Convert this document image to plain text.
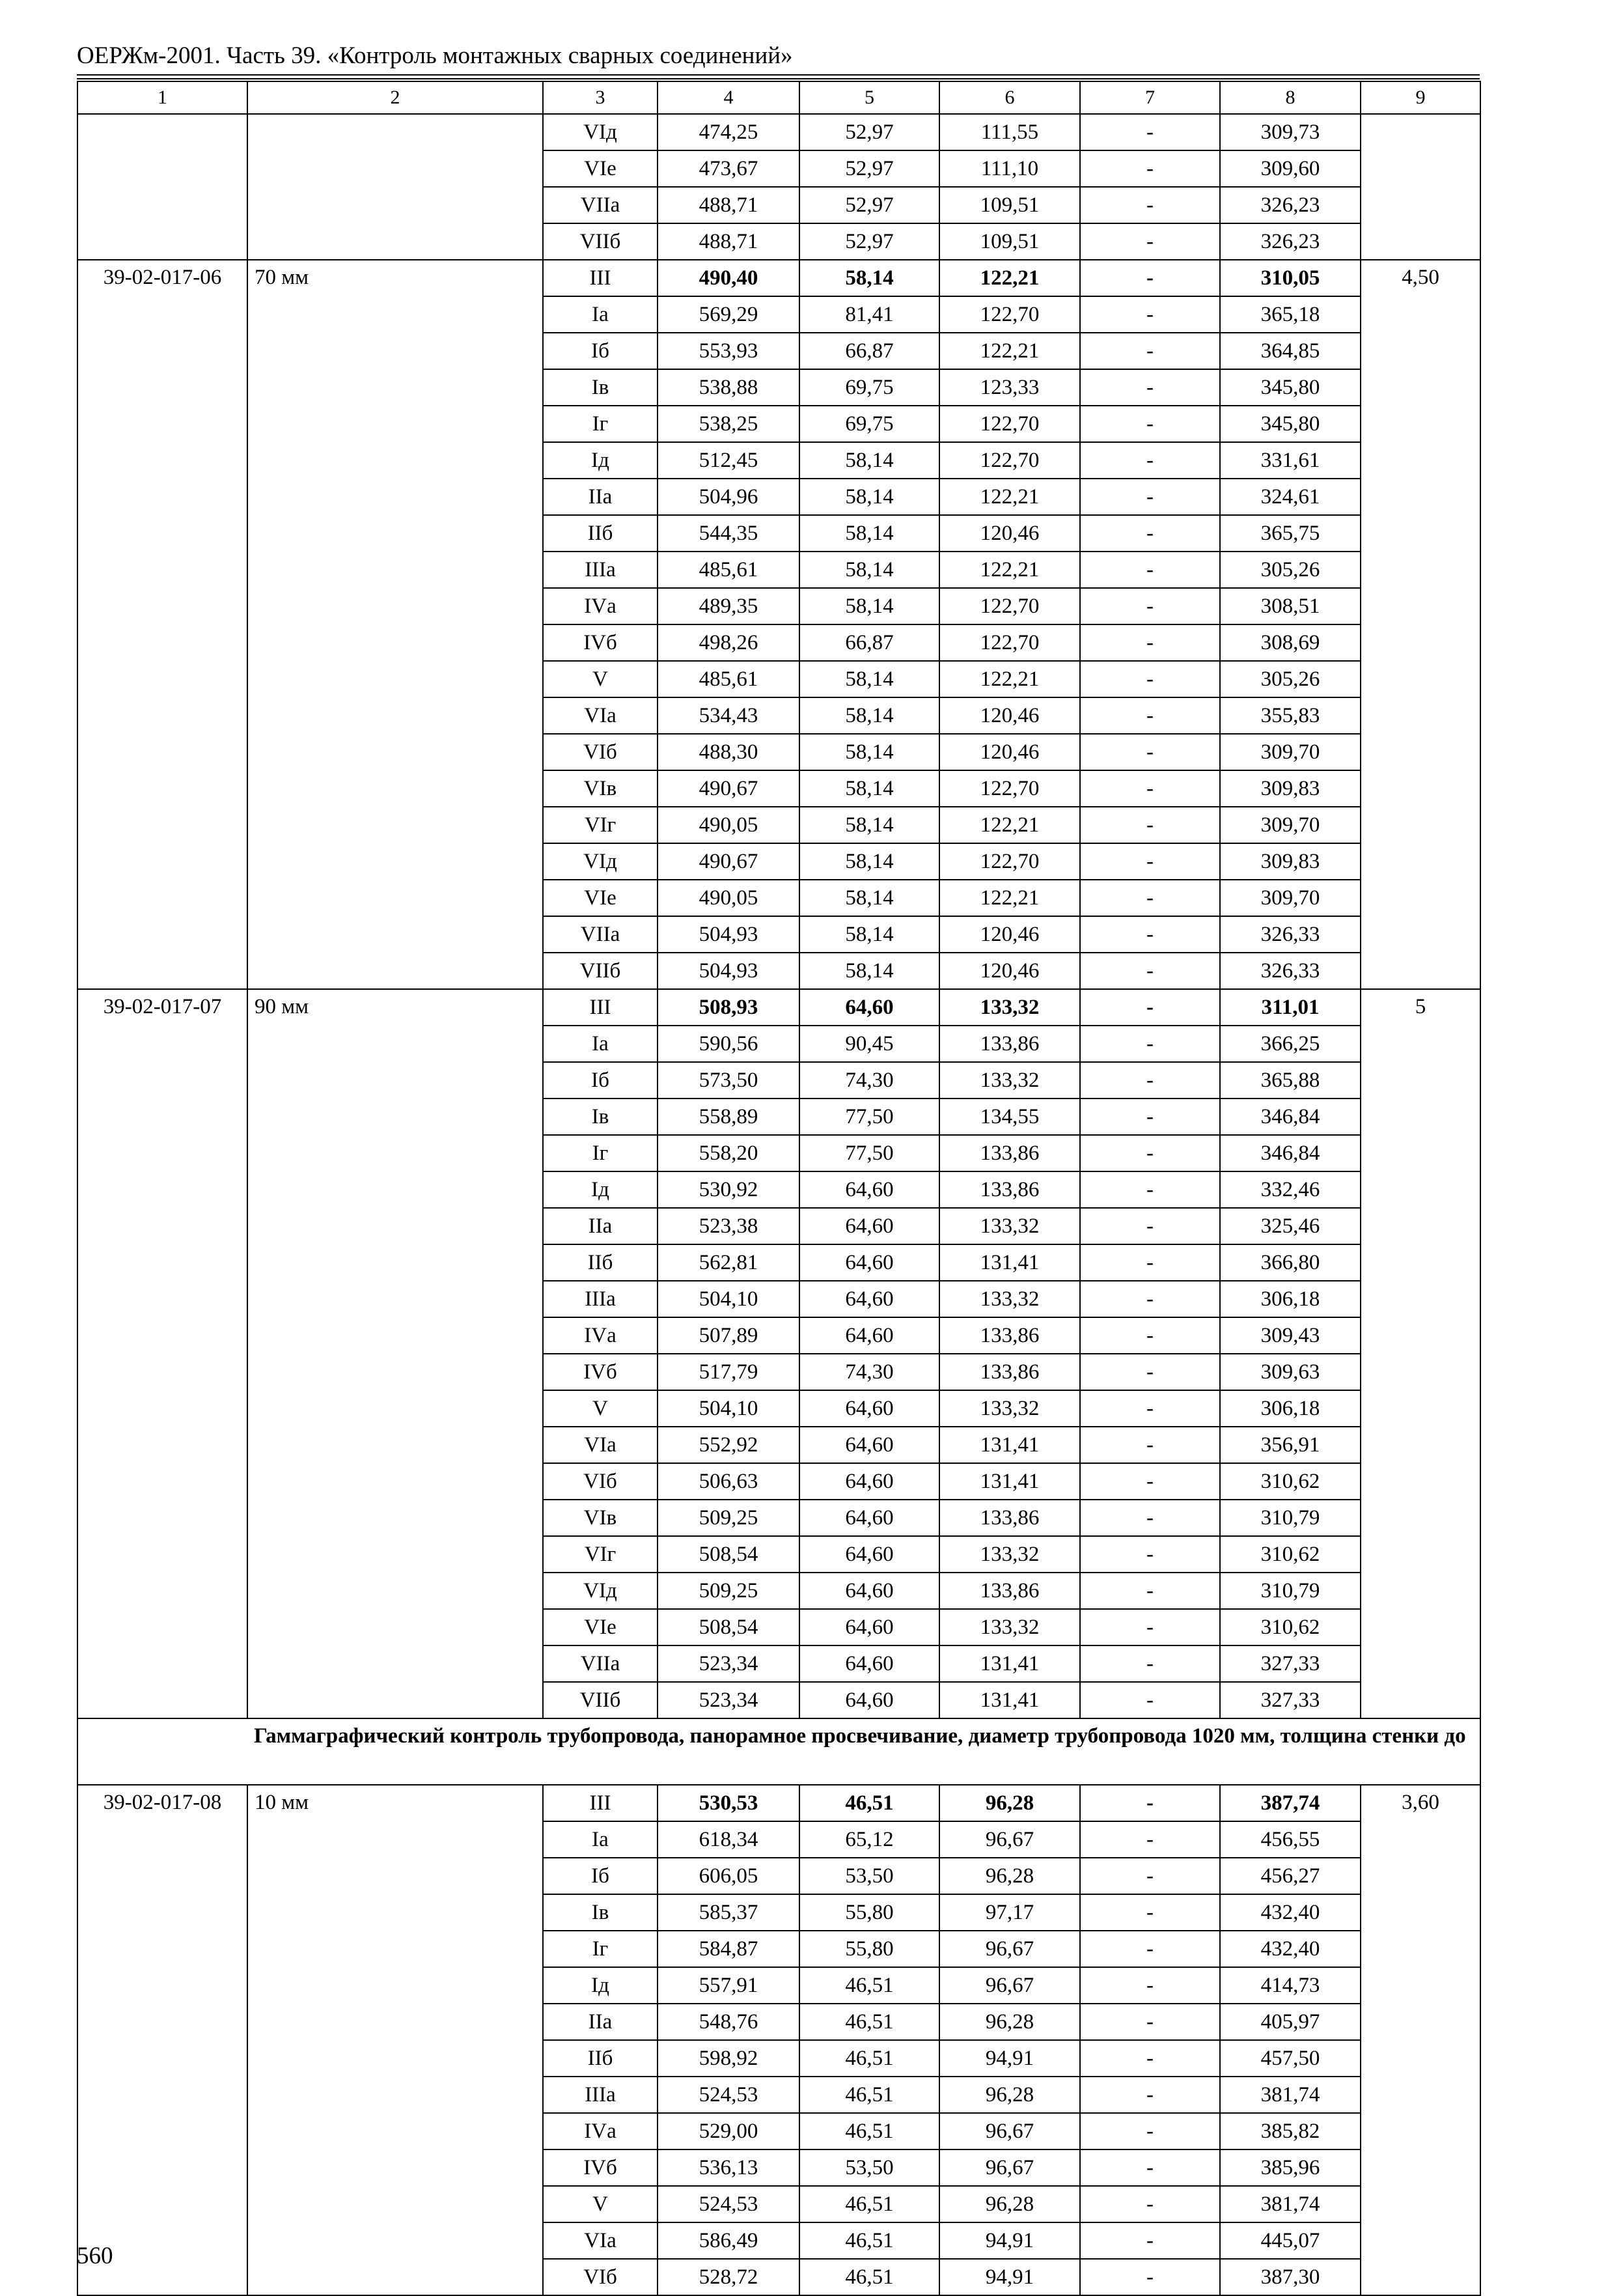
ОЕРЖм-2001. Часть 39. «Контроль монтажных сварных соединений»
1	2	3	4	5	6	7	8	9
		VIд	474,25	52,97	111,55	-	309,73	
		VIе	473,67	52,97	111,10	-	309,60	
		VIIа	488,71	52,97	109,51	-	326,23	
		VIIб	488,71	52,97	109,51	-	326,23	
39-02-017-06	70 мм	III	490,40	58,14	122,21	-	310,05	4,50
		Iа	569,29	81,41	122,70	-	365,18	
		Iб	553,93	66,87	122,21	-	364,85	
		Iв	538,88	69,75	123,33	-	345,80	
		Iг	538,25	69,75	122,70	-	345,80	
		Iд	512,45	58,14	122,70	-	331,61	
		IIа	504,96	58,14	122,21	-	324,61	
		IIб	544,35	58,14	120,46	-	365,75	
		IIIа	485,61	58,14	122,21	-	305,26	
		IVа	489,35	58,14	122,70	-	308,51	
		IVб	498,26	66,87	122,70	-	308,69	
		V	485,61	58,14	122,21	-	305,26	
		VIа	534,43	58,14	120,46	-	355,83	
		VIб	488,30	58,14	120,46	-	309,70	
		VIв	490,67	58,14	122,70	-	309,83	
		VIг	490,05	58,14	122,21	-	309,70	
		VIд	490,67	58,14	122,70	-	309,83	
		VIе	490,05	58,14	122,21	-	309,70	
		VIIа	504,93	58,14	120,46	-	326,33	
		VIIб	504,93	58,14	120,46	-	326,33	
39-02-017-07	90 мм	III	508,93	64,60	133,32	-	311,01	5
		Iа	590,56	90,45	133,86	-	366,25	
		Iб	573,50	74,30	133,32	-	365,88	
		Iв	558,89	77,50	134,55	-	346,84	
		Iг	558,20	77,50	133,86	-	346,84	
		Iд	530,92	64,60	133,86	-	332,46	
		IIа	523,38	64,60	133,32	-	325,46	
		IIб	562,81	64,60	131,41	-	366,80	
		IIIа	504,10	64,60	133,32	-	306,18	
		IVа	507,89	64,60	133,86	-	309,43	
		IVб	517,79	74,30	133,86	-	309,63	
		V	504,10	64,60	133,32	-	306,18	
		VIа	552,92	64,60	131,41	-	356,91	
		VIб	506,63	64,60	131,41	-	310,62	
		VIв	509,25	64,60	133,86	-	310,79	
		VIг	508,54	64,60	133,32	-	310,62	
		VIд	509,25	64,60	133,86	-	310,79	
		VIе	508,54	64,60	133,32	-	310,62	
		VIIа	523,34	64,60	131,41	-	327,33	
		VIIб	523,34	64,60	131,41	-	327,33	
	Гаммаграфический контроль трубопровода, панорамное просвечивание, диаметр трубопровода 1020 мм, толщина стенки до							
39-02-017-08	10 мм	III	530,53	46,51	96,28	-	387,74	3,60
		Iа	618,34	65,12	96,67	-	456,55	
		Iб	606,05	53,50	96,28	-	456,27	
		Iв	585,37	55,80	97,17	-	432,40	
		Iг	584,87	55,80	96,67	-	432,40	
		Iд	557,91	46,51	96,67	-	414,73	
		IIа	548,76	46,51	96,28	-	405,97	
		IIб	598,92	46,51	94,91	-	457,50	
		IIIа	524,53	46,51	96,28	-	381,74	
		IVа	529,00	46,51	96,67	-	385,82	
		IVб	536,13	53,50	96,67	-	385,96	
		V	524,53	46,51	96,28	-	381,74	
		VIа	586,49	46,51	94,91	-	445,07	
		VIб	528,72	46,51	94,91	-	387,30	
560
